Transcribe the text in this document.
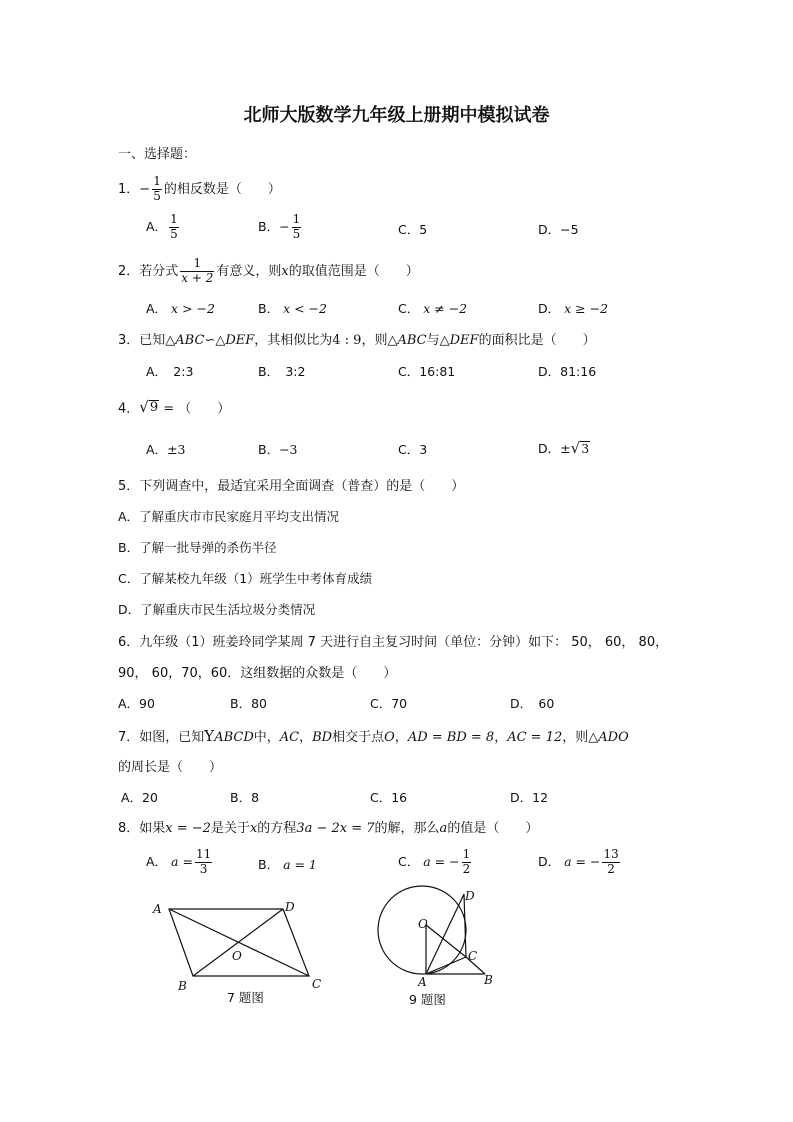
北师大版数学九年级上册期中模拟试卷
一、选择题：
1．− $\frac{1}{5}$ 的相反数是（　　）
A． $\frac{1}{5}$	B．− $\frac{1}{5}$	C．5	D．−5
2．若分式 $\frac{1}{x + 2}$ 有意义，则x的取值范围是（　　）
A． x > −2	B． x < −2	C． x ≠ −2	D． x ≥ −2
3．已知△ABC∽△DEF，其相似比为4 : 9，则△ABC与△DEF的面积比是（　　）
A．　2:3	B．　3:2	C．16:81	D．81:16
4． √ 9 = （　　）
A．±3	B．−3	C．3	D．± √ 3
5．下列调查中，最适宜采用全面调查（普查）的是（　　）
A．了解重庆市市民家庭月平均支出情况
B．了解一批导弹的杀伤半径
C．了解某校九年级（1）班学生中考体育成绩
D．了解重庆市民生活垃圾分类情况
6．九年级（1）班姜玲同学某周 7 天进行自主复习时间（单位：分钟）如下： 50， 60， 80，
90， 60，70，60．这组数据的众数是（　　）
A．90	B．80	C．70	D．　60
7．如图，已知YABCD中，AC，BD相交于点O，AD = BD = 8，AC = 12，则△ADO
的周长是（　　）
A．20	B．8	C．16	D．12
8．如果x = −2是关于x的方程3a − 2x = 7的解，那么a的值是（　　）
A． $a = \frac{11}{3}$	B． a = 1	C． a = − $\frac{1}{2}$	D． a = − $\frac{13}{2}$
A	D
O
B	C
7 题图
O
D
C
A	B
9 题图
